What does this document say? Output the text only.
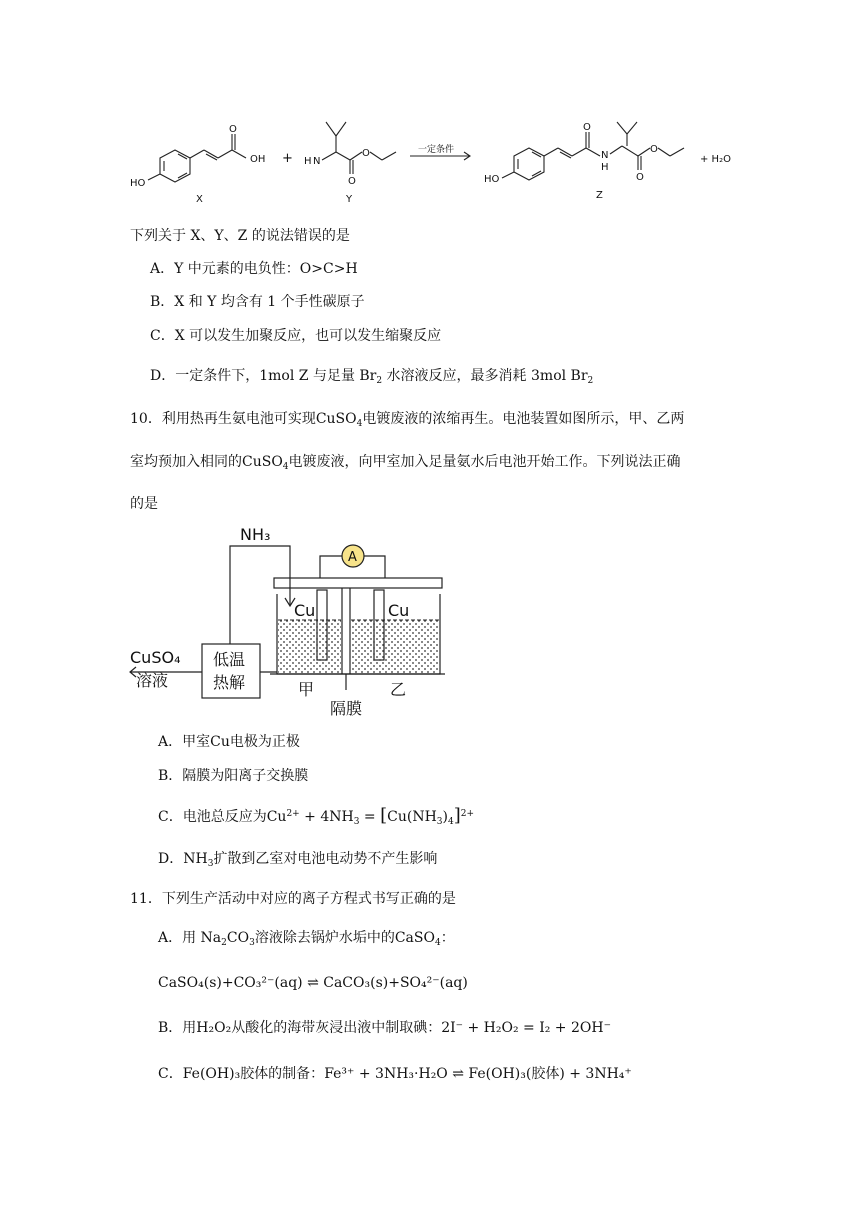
HO
OH
O
X
+ H N
O
O
Y
一定条件
HO
O
N
H
O
O
Z
+ H₂O
下列关于 X、Y、Z 的说法错误的是
A．Y 中元素的电负性：O>C>H
B．X 和 Y 均含有 1 个手性碳原子
C．X 可以发生加聚反应，也可以发生缩聚反应
D．一定条件下，1mol Z 与足量 $Br_2$ 水溶液反应，最多消耗 3mol $Br_2$
10．利用热再生氨电池可实现CuSO$_4$电镀废液的浓缩再生。电池装置如图所示，甲、乙两
室均预加入相同的CuSO$_4$电镀废液，向甲室加入足量氨水后电池开始工作。下列说法正确
的是
NH₃
A
Cu	Cu
CuSO₄
溶液
低温
热解	甲	乙
隔膜
A．甲室Cu电极为正极
B．隔膜为阳离子交换膜
C．电池总反应为$Cu^{2+} + 4NH_3 = [Cu(NH_3)_4]^{2+}$
D．$NH_3$扩散到乙室对电池电动势不产生影响
11．下列生产活动中对应的离子方程式书写正确的是
A．用 $Na_2CO_3$溶液除去锅炉水垢中的CaSO$_4$：
CaSO₄(s)+CO₃²⁻(aq) ⇌ CaCO₃(s)+SO₄²⁻(aq)
B．用H₂O₂从酸化的海带灰浸出液中制取碘：2I⁻ + H₂O₂ = I₂ + 2OH⁻
C．Fe(OH)₃胶体的制备：Fe³⁺ + 3NH₃·H₂O ⇌ Fe(OH)₃(胶体) + 3NH₄⁺
